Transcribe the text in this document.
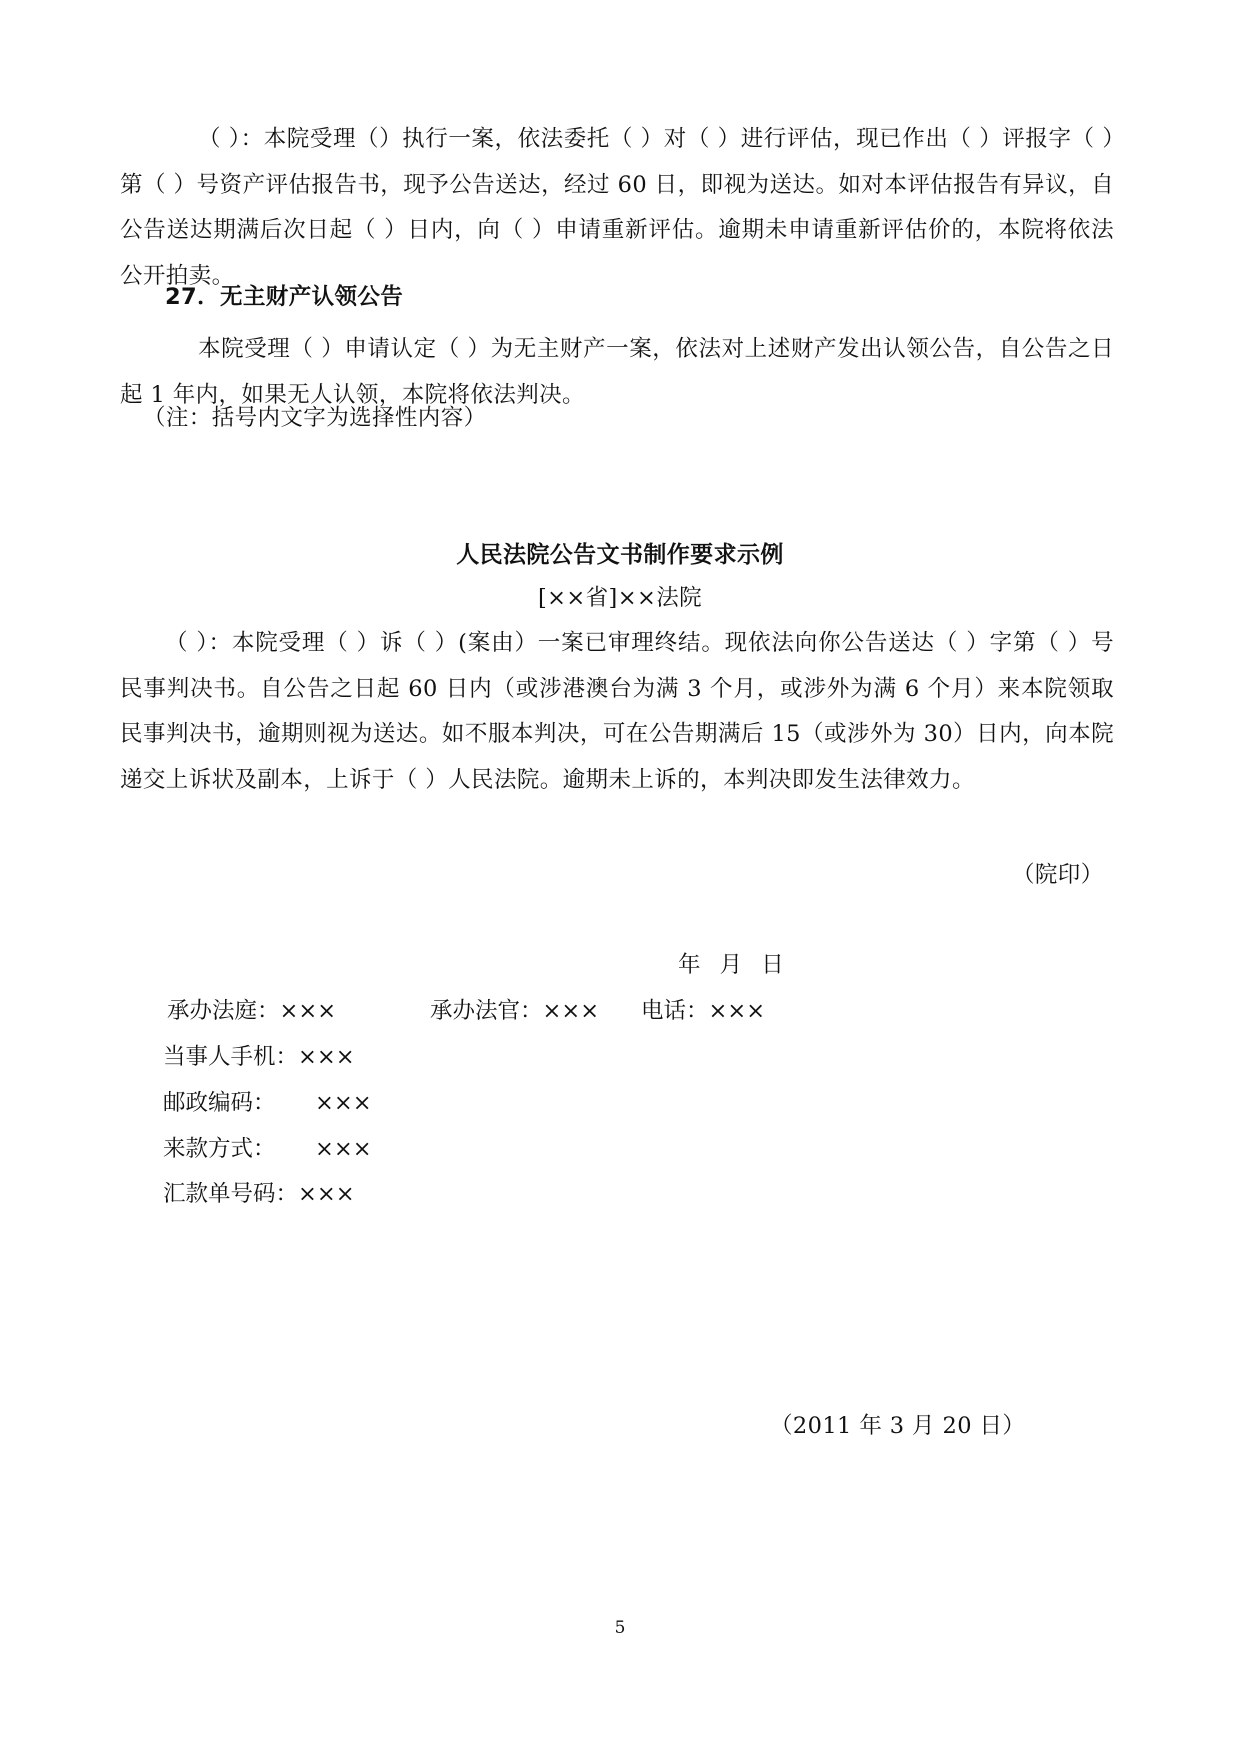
（ ）：本院受理（）执行一案，依法委托（ ）对（ ）进行评估，现已作出（ ）评报字（ ）第（ ）号资产评估报告书，现予公告送达，经过 60 日，即视为送达。如对本评估报告有异议，自公告送达期满后次日起（ ）日内，向（ ）申请重新评估。逾期未申请重新评估价的，本院将依法公开拍卖。

27．无主财产认领公告

本院受理（ ）申请认定（ ）为无主财产一案，依法对上述财产发出认领公告，自公告之日起 1 年内，如果无人认领，本院将依法判决。

（注：括号内文字为选择性内容）

人民法院公告文书制作要求示例

[××省]××法院

（ ）：本院受理（ ）诉（ ）(案由）一案已审理终结。现依法向你公告送达（ ）字第（ ）号民事判决书。自公告之日起 60 日内（或涉港澳台为满 3 个月，或涉外为满 6 个月）来本院领取民事判决书，逾期则视为送达。如不服本判决，可在公告期满后 15（或涉外为 30）日内，向本院递交上诉状及副本，上诉于（ ）人民法院。逾期未上诉的，本判决即发生法律效力。

（院印）

年 月 日

承办法庭：×××	承办法官：××× 电话：×××
当事人手机：×××
邮政编码： ×××
来款方式： ×××
汇款单号码：×××

（2011 年 3 月 20 日）

5
